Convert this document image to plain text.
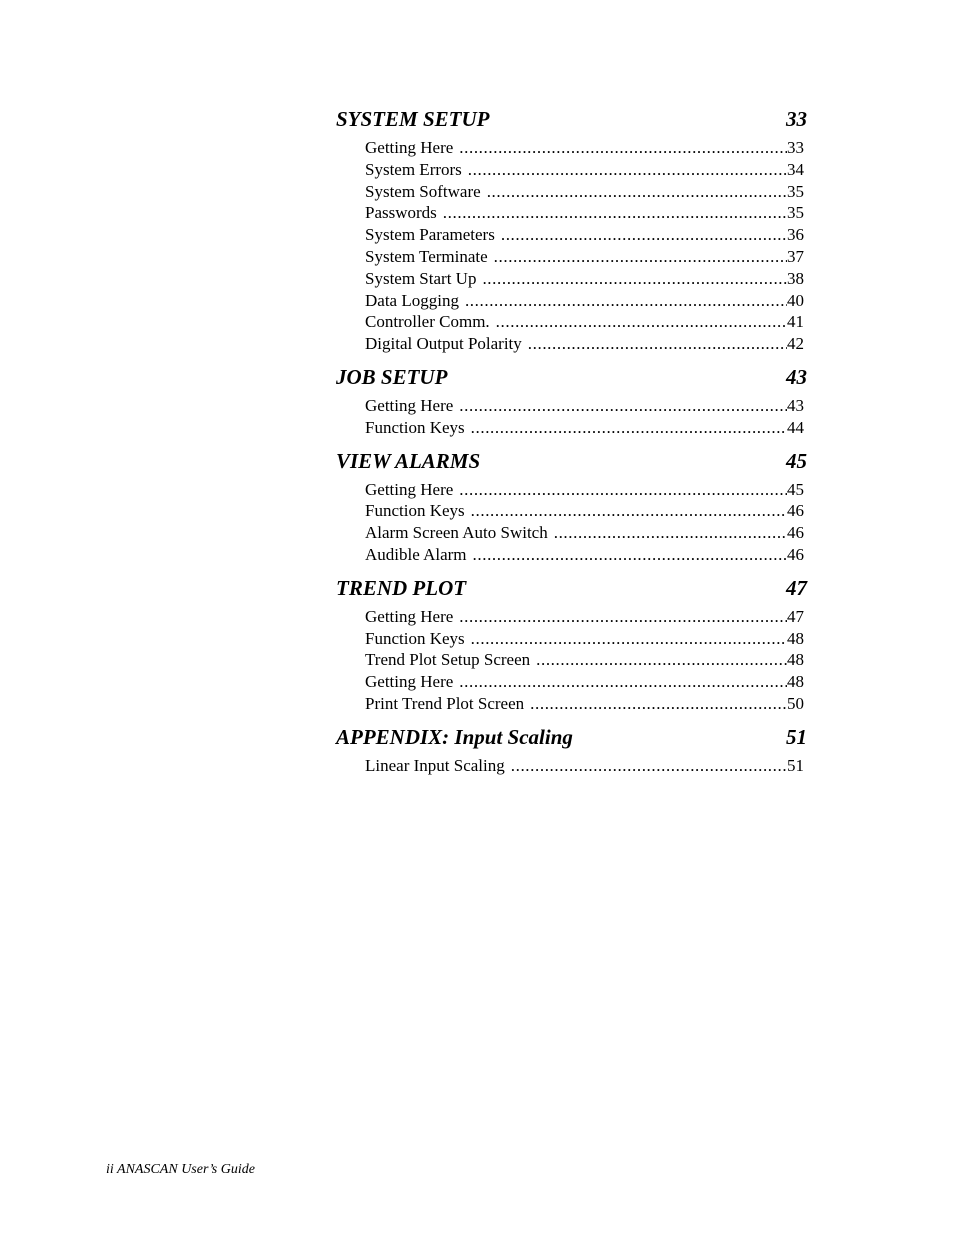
SYSTEM SETUP	33
Getting Here .....	33
System Errors .....	34
System Software .....	35
Passwords .....	35
System Parameters .....	36
System Terminate .....	37
System Start Up .....	38
Data Logging .....	40
Controller Comm. .....	41
Digital Output Polarity .....	42
JOB SETUP	43
Getting Here .....	43
Function Keys .....	44
VIEW ALARMS	45
Getting Here .....	45
Function Keys .....	46
Alarm Screen Auto Switch .....	46
Audible Alarm .....	46
TREND PLOT	47
Getting Here .....	47
Function Keys .....	48
Trend Plot Setup Screen .....	48
Getting Here .....	48
Print Trend Plot Screen .....	50
APPENDIX: Input Scaling	51
Linear Input Scaling .....	51
ii ANASCAN User’s Guide
